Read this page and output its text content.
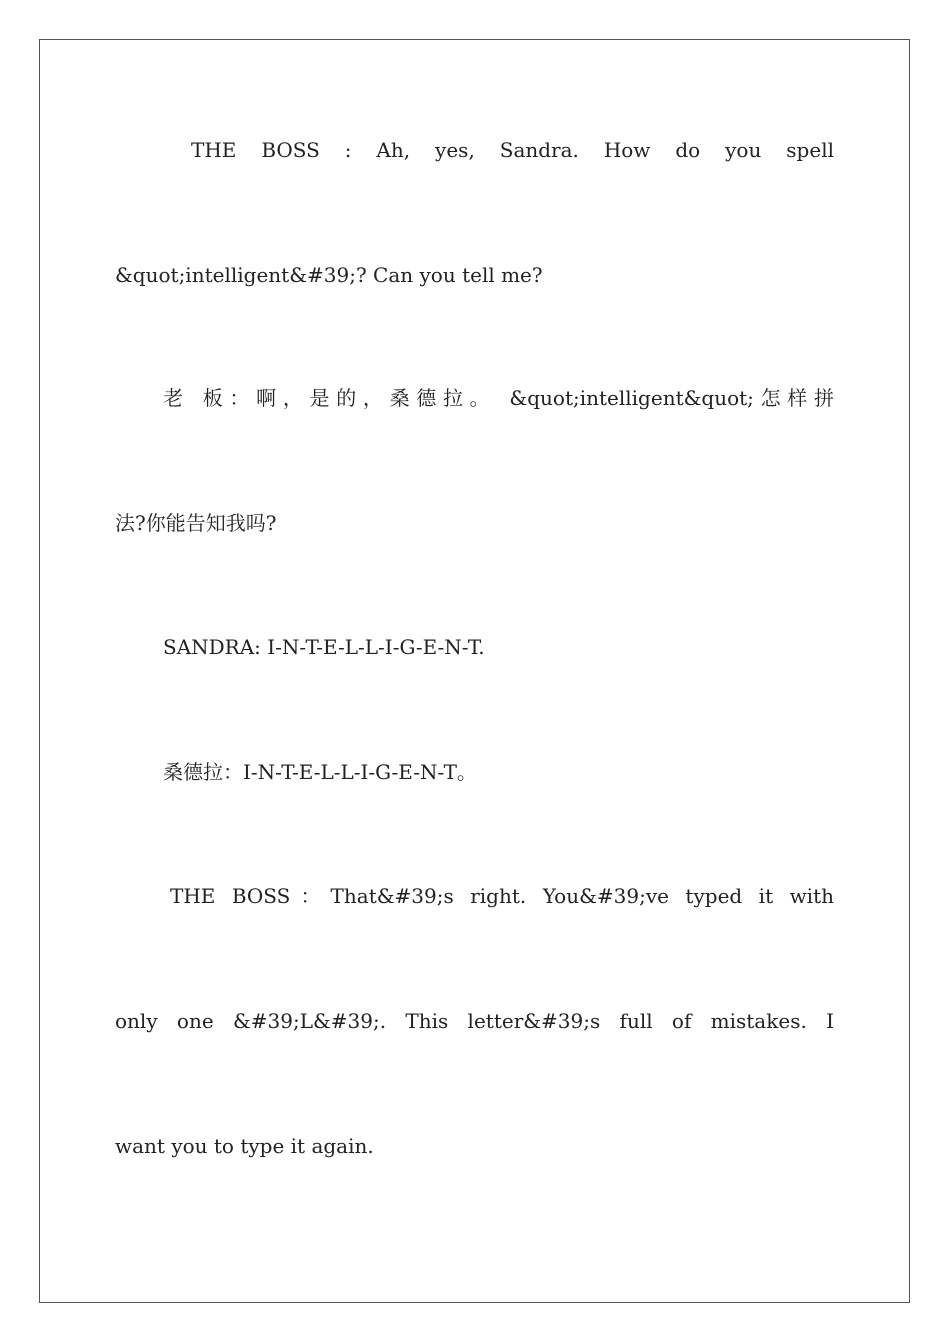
THE BOSS : Ah, yes, Sandra. How do you spell

&quot;intelligent&#39;? Can you tell me?

老 板：啊，是的，桑德拉。 &quot;intelligent&quot;怎样拼

法?你能告知我吗?

SANDRA: I-N-T-E-L-L-I-G-E-N-T.

桑德拉：I-N-T-E-L-L-I-G-E-N-T。

THE BOSS：That&#39;s right. You&#39;ve typed it with

only one &#39;L&#39;. This letter&#39;s full of mistakes. I

want you to type it again.
